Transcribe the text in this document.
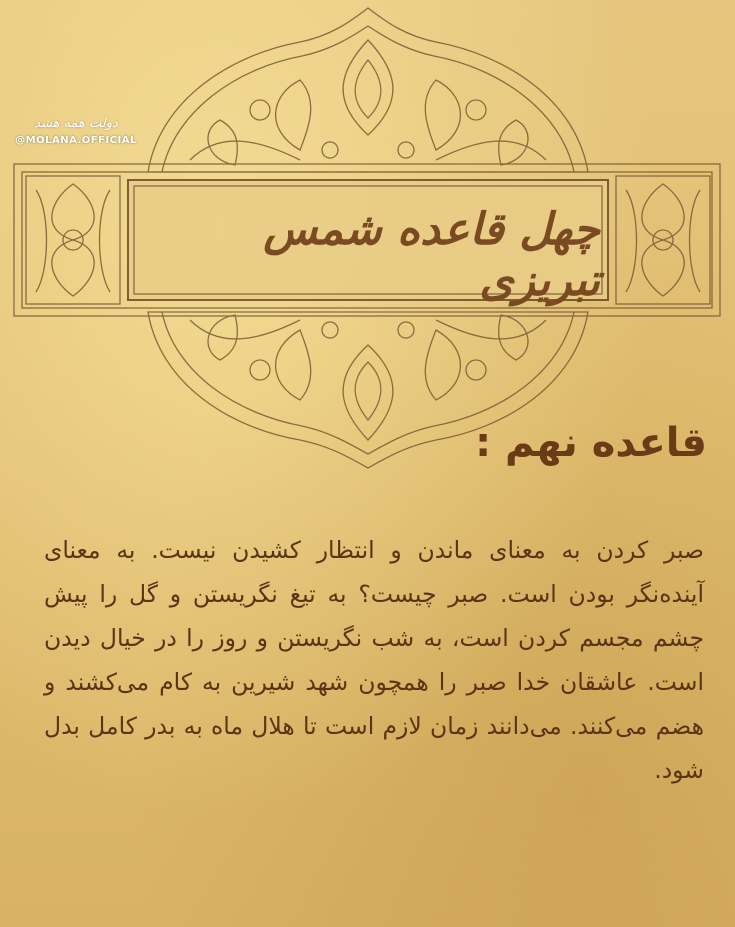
چهل قاعده شمس تبریزی
دولت همه هشد
@MOLANA.OFFICIAL
قاعده نهم :

صبر کردن به معنای ماندن و انتظار کشیدن نیست. به معنای آینده‌نگر بودن است. صبر چیست؟ به تیغ نگریستن و گل را پیش چشم مجسم کردن است، به شب نگریستن و روز را در خیال دیدن است. عاشقان خدا صبر را همچون شهد شیرین به کام می‌کشند و هضم می‌کنند. می‌دانند زمان لازم است تا هلال ماه به بدر کامل بدل شود.
